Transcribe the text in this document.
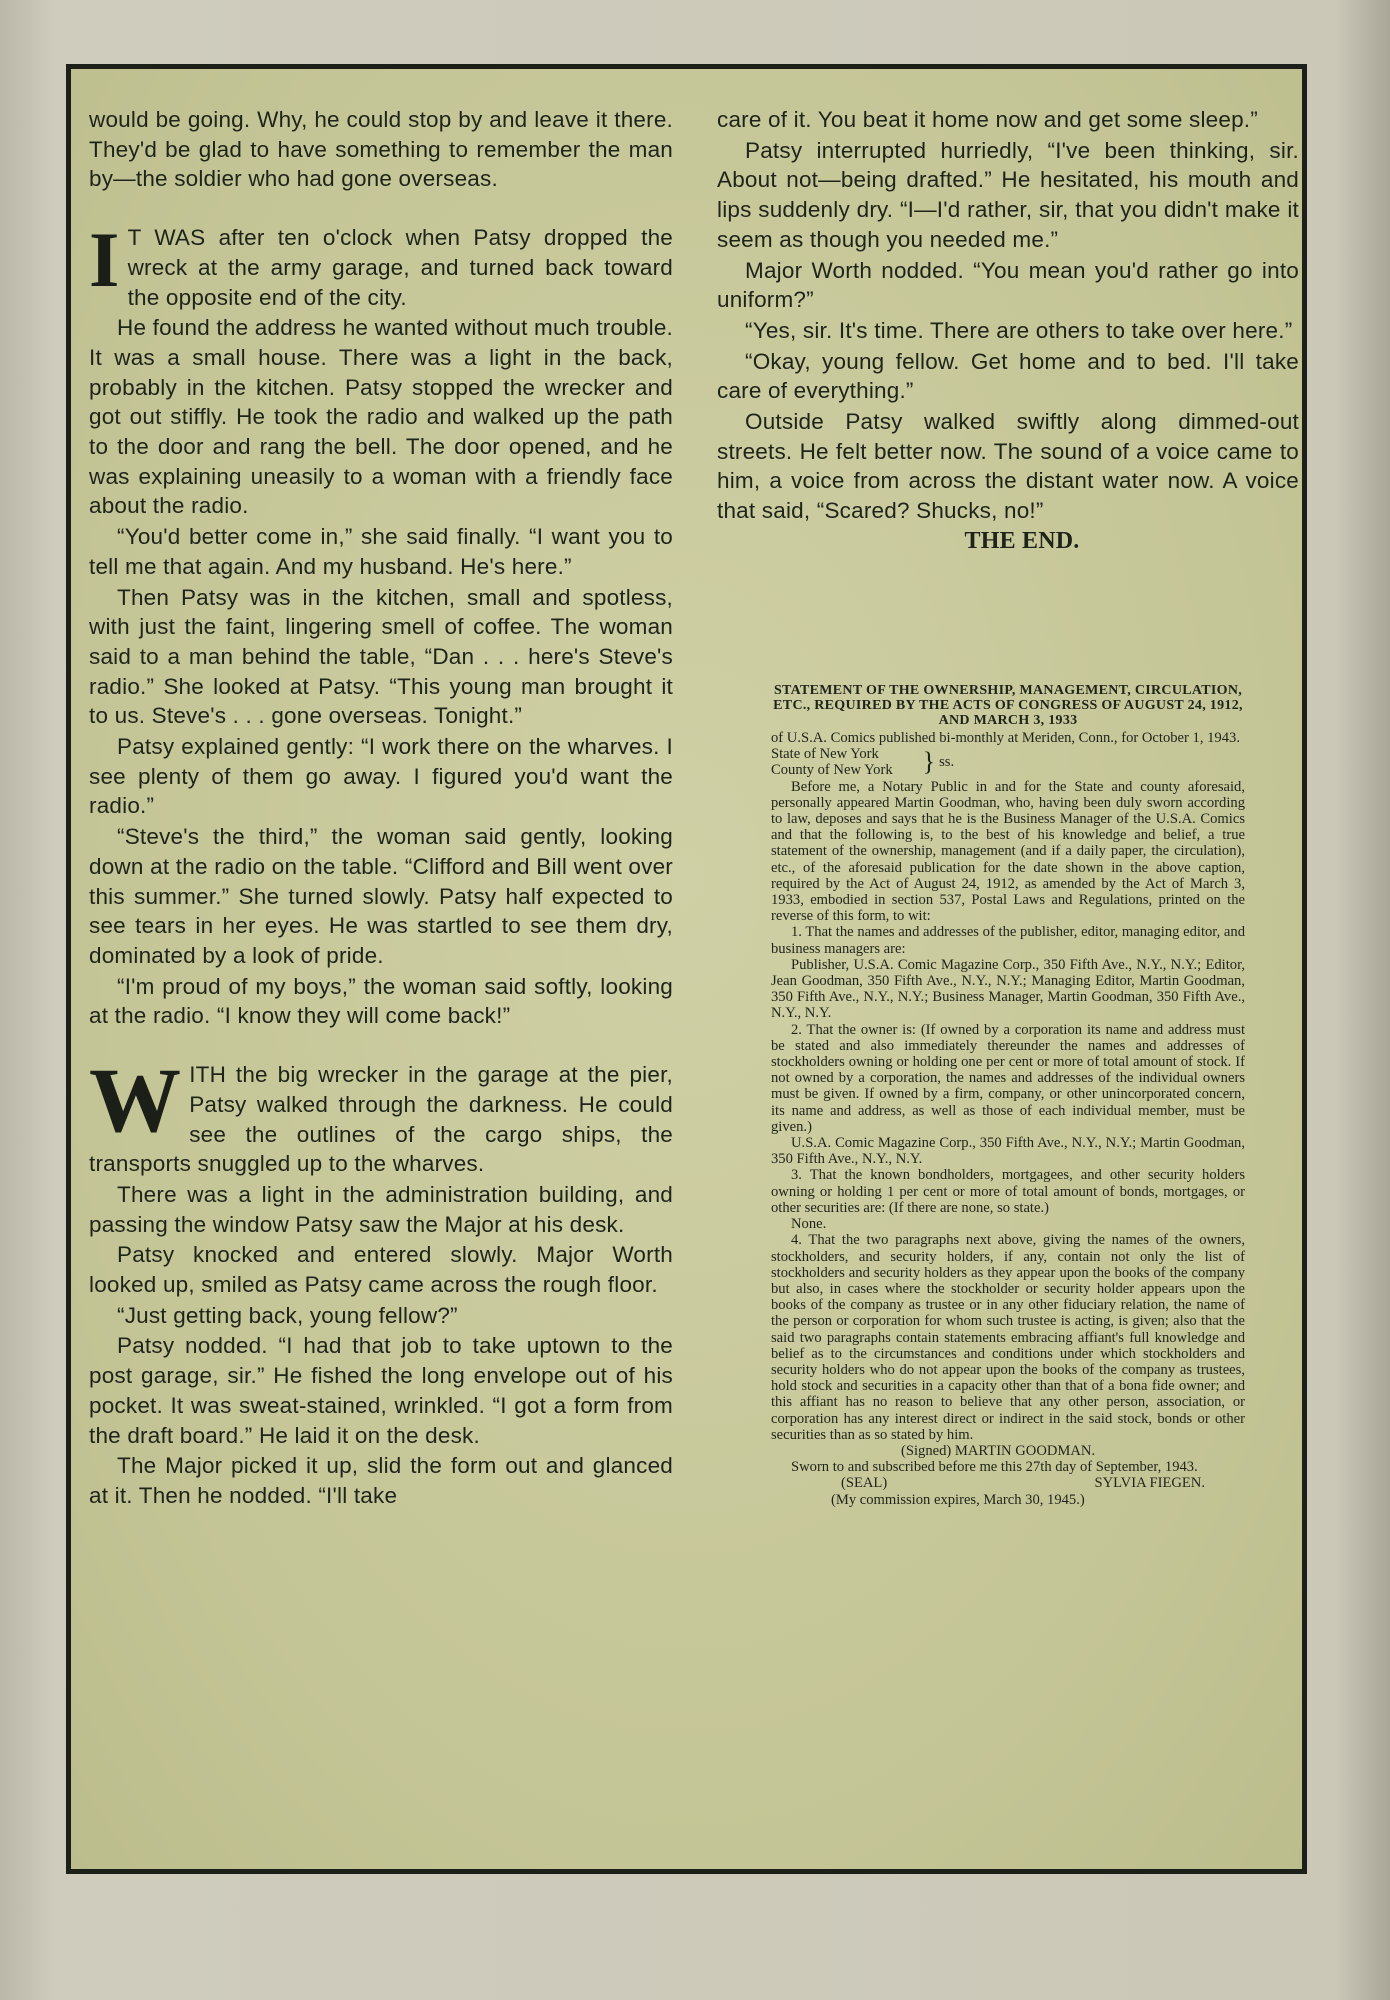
would be going. Why, he could stop by and leave it there. They'd be glad to have something to remember the man by—the soldier who had gone overseas.

I T WAS after ten o'clock when Patsy dropped the wreck at the army garage, and turned back toward the opposite end of the city.

He found the address he wanted without much trouble. It was a small house. There was a light in the back, probably in the kitchen. Patsy stopped the wrecker and got out stiffly. He took the radio and walked up the path to the door and rang the bell. The door opened, and he was explaining uneasily to a woman with a friendly face about the radio.

“You'd better come in,” she said finally. “I want you to tell me that again. And my husband. He's here.”

Then Patsy was in the kitchen, small and spotless, with just the faint, lingering smell of coffee. The woman said to a man behind the table, “Dan . . . here's Steve's radio.” She looked at Patsy. “This young man brought it to us. Steve's . . . gone overseas. Tonight.”

Patsy explained gently: “I work there on the wharves. I see plenty of them go away. I figured you'd want the radio.”

“Steve's the third,” the woman said gently, looking down at the radio on the table. “Clifford and Bill went over this summer.” She turned slowly. Patsy half expected to see tears in her eyes. He was startled to see them dry, dominated by a look of pride.

“I'm proud of my boys,” the woman said softly, looking at the radio. “I know they will come back!”

WITH the big wrecker in the garage at the pier, Patsy walked through the darkness. He could see the outlines of the cargo ships, the transports snuggled up to the wharves.

There was a light in the administration building, and passing the window Patsy saw the Major at his desk.

Patsy knocked and entered slowly. Major Worth looked up, smiled as Patsy came across the rough floor.

“Just getting back, young fellow?”

Patsy nodded. “I had that job to take uptown to the post garage, sir.” He fished the long envelope out of his pocket. It was sweat-stained, wrinkled. “I got a form from the draft board.” He laid it on the desk.

The Major picked it up, slid the form out and glanced at it. Then he nodded. “I'll take

care of it. You beat it home now and get some sleep.”

Patsy interrupted hurriedly, “I've been thinking, sir. About not—being drafted.” He hesitated, his mouth and lips suddenly dry. “I—I'd rather, sir, that you didn't make it seem as though you needed me.”

Major Worth nodded. “You mean you'd rather go into uniform?”

“Yes, sir. It's time. There are others to take over here.”

“Okay, young fellow. Get home and to bed. I'll take care of everything.”

Outside Patsy walked swiftly along dimmed-out streets. He felt better now. The sound of a voice came to him, a voice from across the distant water now. A voice that said, “Scared? Shucks, no!”

THE END.

STATEMENT OF THE OWNERSHIP, MANAGEMENT, CIRCULATION, ETC., REQUIRED BY THE ACTS OF CONGRESS OF AUGUST 24, 1912, AND MARCH 3, 1933

of U.S.A. Comics published bi-monthly at Meriden, Conn., for October 1, 1943.

State of New York
County of New York } ss.

Before me, a Notary Public in and for the State and county aforesaid, personally appeared Martin Goodman, who, having been duly sworn according to law, deposes and says that he is the Business Manager of the U.S.A. Comics and that the following is, to the best of his knowledge and belief, a true statement of the ownership, management (and if a daily paper, the circulation), etc., of the aforesaid publication for the date shown in the above caption, required by the Act of August 24, 1912, as amended by the Act of March 3, 1933, embodied in section 537, Postal Laws and Regulations, printed on the reverse of this form, to wit:

1. That the names and addresses of the publisher, editor, managing editor, and business managers are:

Publisher, U.S.A. Comic Magazine Corp., 350 Fifth Ave., N.Y., N.Y.; Editor, Jean Goodman, 350 Fifth Ave., N.Y., N.Y.; Managing Editor, Martin Goodman, 350 Fifth Ave., N.Y., N.Y.; Business Manager, Martin Goodman, 350 Fifth Ave., N.Y., N.Y.

2. That the owner is: (If owned by a corporation its name and address must be stated and also immediately thereunder the names and addresses of stockholders owning or holding one per cent or more of total amount of stock. If not owned by a corporation, the names and addresses of the individual owners must be given. If owned by a firm, company, or other unincorporated concern, its name and address, as well as those of each individual member, must be given.)

U.S.A. Comic Magazine Corp., 350 Fifth Ave., N.Y., N.Y.; Martin Goodman, 350 Fifth Ave., N.Y., N.Y.

3. That the known bondholders, mortgagees, and other security holders owning or holding 1 per cent or more of total amount of bonds, mortgages, or other securities are: (If there are none, so state.)

None.

4. That the two paragraphs next above, giving the names of the owners, stockholders, and security holders, if any, contain not only the list of stockholders and security holders as they appear upon the books of the company but also, in cases where the stockholder or security holder appears upon the books of the company as trustee or in any other fiduciary relation, the name of the person or corporation for whom such trustee is acting, is given; also that the said two paragraphs contain statements embracing affiant's full knowledge and belief as to the circumstances and conditions under which stockholders and security holders who do not appear upon the books of the company as trustees, hold stock and securities in a capacity other than that of a bona fide owner; and this affiant has no reason to believe that any other person, association, or corporation has any interest direct or indirect in the said stock, bonds or other securities than as so stated by him.

(Signed) MARTIN GOODMAN.

Sworn to and subscribed before me this 27th day of September, 1943.

(SEAL)	SYLVIA FIEGEN.

(My commission expires, March 30, 1945.)
